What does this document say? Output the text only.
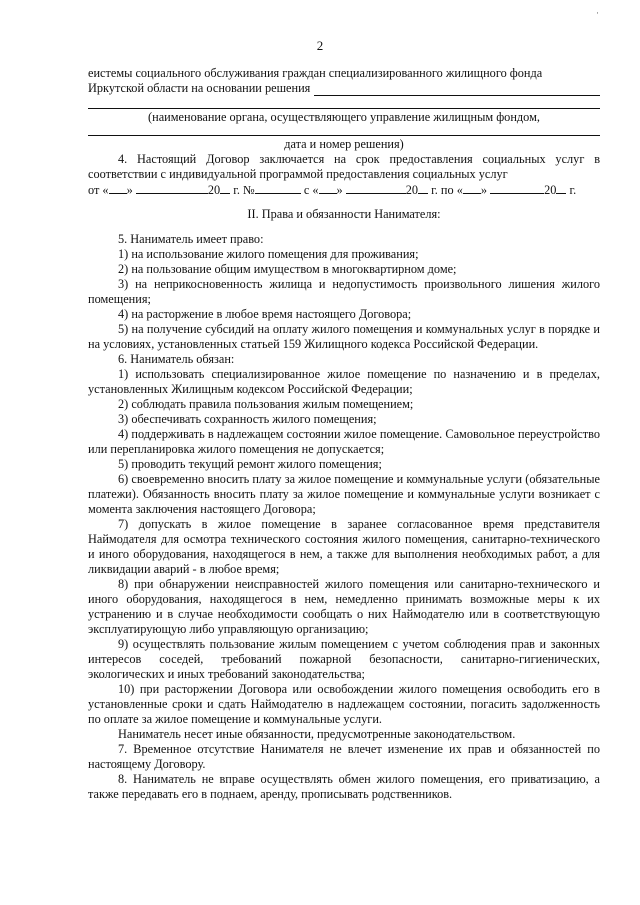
·
2

еистемы социального обслуживания граждан специализированного жилищного фонда

Иркутской области на основании решения

(наименование органа, осуществляющего управление жилищным фондом,

дата и номер решения)

4. Настоящий Договор заключается на срок предоставления социальных услуг в соответствии с индивидуальной программой предоставления социальных услуг

от « »	20 г. №	с « »	20 г. по « »	20 г.

II. Права и обязанности Нанимателя:

5. Наниматель имеет право:

1) на использование жилого помещения для проживания;

2) на пользование общим имуществом в многоквартирном доме;

3) на неприкосновенность жилища и недопустимость произвольного лишения жилого помещения;

4) на расторжение в любое время настоящего Договора;

5) на получение субсидий на оплату жилого помещения и коммунальных услуг в порядке и на условиях, установленных статьей 159 Жилищного кодекса Российской Федерации.

6. Наниматель обязан:

1) использовать специализированное жилое помещение по назначению и в пределах, установленных Жилищным кодексом Российской Федерации;

2) соблюдать правила пользования жилым помещением;

3) обеспечивать сохранность жилого помещения;

4) поддерживать в надлежащем состоянии жилое помещение. Самовольное переустройство или перепланировка жилого помещения не допускается;

5) проводить текущий ремонт жилого помещения;

6) своевременно вносить плату за жилое помещение и коммунальные услуги (обязательные платежи). Обязанность вносить плату за жилое помещение и коммунальные услуги возникает с момента заключения настоящего Договора;

7) допускать в жилое помещение в заранее согласованное время представителя Наймодателя для осмотра технического состояния жилого помещения, санитарно-технического и иного оборудования, находящегося в нем, а также для выполнения необходимых работ, а для ликвидации аварий - в любое время;

8) при обнаружении неисправностей жилого помещения или санитарно-технического и иного оборудования, находящегося в нем, немедленно принимать возможные меры к их устранению и в случае необходимости сообщать о них Наймодателю или в соответствующую эксплуатирующую либо управляющую организацию;

9) осуществлять пользование жилым помещением с учетом соблюдения прав и законных интересов соседей, требований пожарной безопасности, санитарно-гигиенических, экологических и иных требований законодательства;

10) при расторжении Договора или освобождении жилого помещения освободить его в установленные сроки и сдать Наймодателю в надлежащем состоянии, погасить задолженность по оплате за жилое помещение и коммунальные услуги.

Наниматель несет иные обязанности, предусмотренные законодательством.

7. Временное отсутствие Нанимателя не влечет изменение их прав и обязанностей по настоящему Договору.

8. Наниматель не вправе осуществлять обмен жилого помещения, его приватизацию, а также передавать его в поднаем, аренду, прописывать родственников.
